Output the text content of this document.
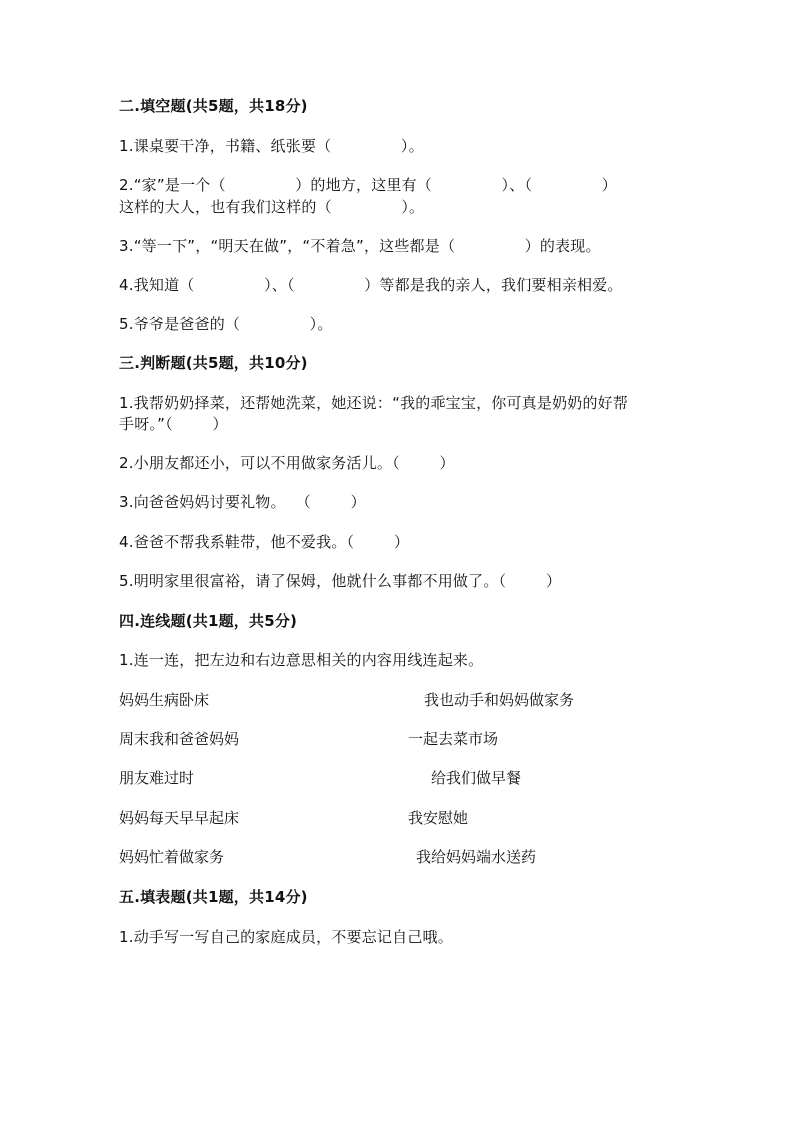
二.填空题(共5题，共18分)
1.课桌要干净，书籍、纸张要（              ）。
2.“家”是一个（              ）的地方，这里有（              ）、（              ）
这样的大人，也有我们这样的（              ）。
3.“等一下”，“明天在做”，“不着急”，这些都是（              ）的表现。
4.我知道（              ）、（              ）等都是我的亲人，我们要相亲相爱。
5.爷爷是爸爸的（              ）。
三.判断题(共5题，共10分)
1.我帮奶奶择菜，还帮她洗菜，她还说：“我的乖宝宝，你可真是奶奶的好帮
手呀。”（        ）
2.小朋友都还小，可以不用做家务活儿。（        ）
3.向爸爸妈妈讨要礼物。  （        ）
4.爸爸不帮我系鞋带，他不爱我。（        ）
5.明明家里很富裕，请了保姆，他就什么事都不用做了。（        ）
四.连线题(共1题，共5分)
1.连一连，把左边和右边意思相关的内容用线连起来。
妈妈生病卧床	我也动手和妈妈做家务
周末我和爸爸妈妈	一起去菜市场
朋友难过时	给我们做早餐
妈妈每天早早起床	我安慰她
妈妈忙着做家务	我给妈妈端水送药
五.填表题(共1题，共14分)
1.动手写一写自己的家庭成员，不要忘记自己哦。
